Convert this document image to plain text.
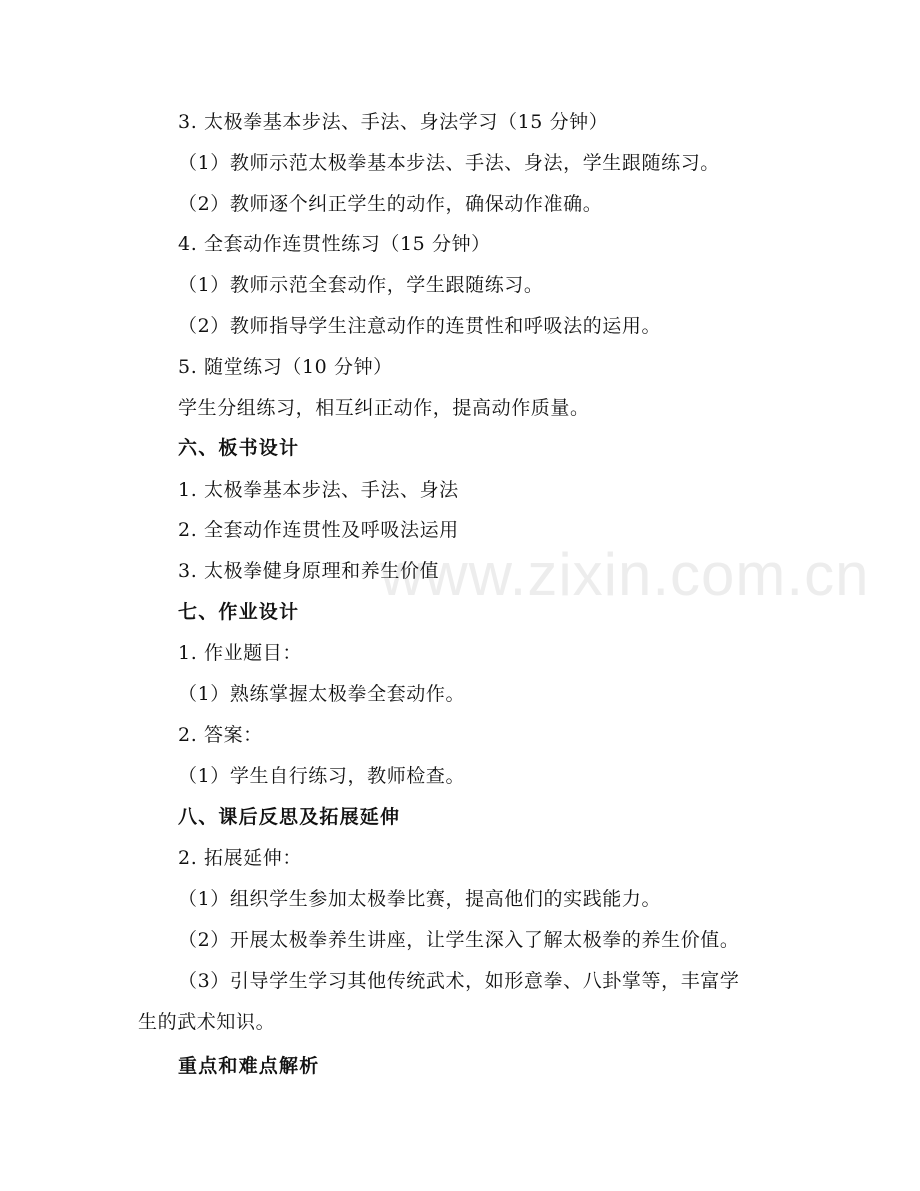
www.zixin.com.cn
3. 太极拳基本步法、手法、身法学习（15 分钟）
（1）教师示范太极拳基本步法、手法、身法，学生跟随练习。
（2）教师逐个纠正学生的动作，确保动作准确。
4. 全套动作连贯性练习（15 分钟）
（1）教师示范全套动作，学生跟随练习。
（2）教师指导学生注意动作的连贯性和呼吸法的运用。
5. 随堂练习（10 分钟）
学生分组练习，相互纠正动作，提高动作质量。
六、板书设计
1. 太极拳基本步法、手法、身法
2. 全套动作连贯性及呼吸法运用
3. 太极拳健身原理和养生价值
七、作业设计
1. 作业题目：
（1）熟练掌握太极拳全套动作。
2. 答案：
（1）学生自行练习，教师检查。
八、课后反思及拓展延伸
2. 拓展延伸：
（1）组织学生参加太极拳比赛，提高他们的实践能力。
（2）开展太极拳养生讲座，让学生深入了解太极拳的养生价值。
（3）引导学生学习其他传统武术，如形意拳、八卦掌等，丰富学
生的武术知识。
重点和难点解析
